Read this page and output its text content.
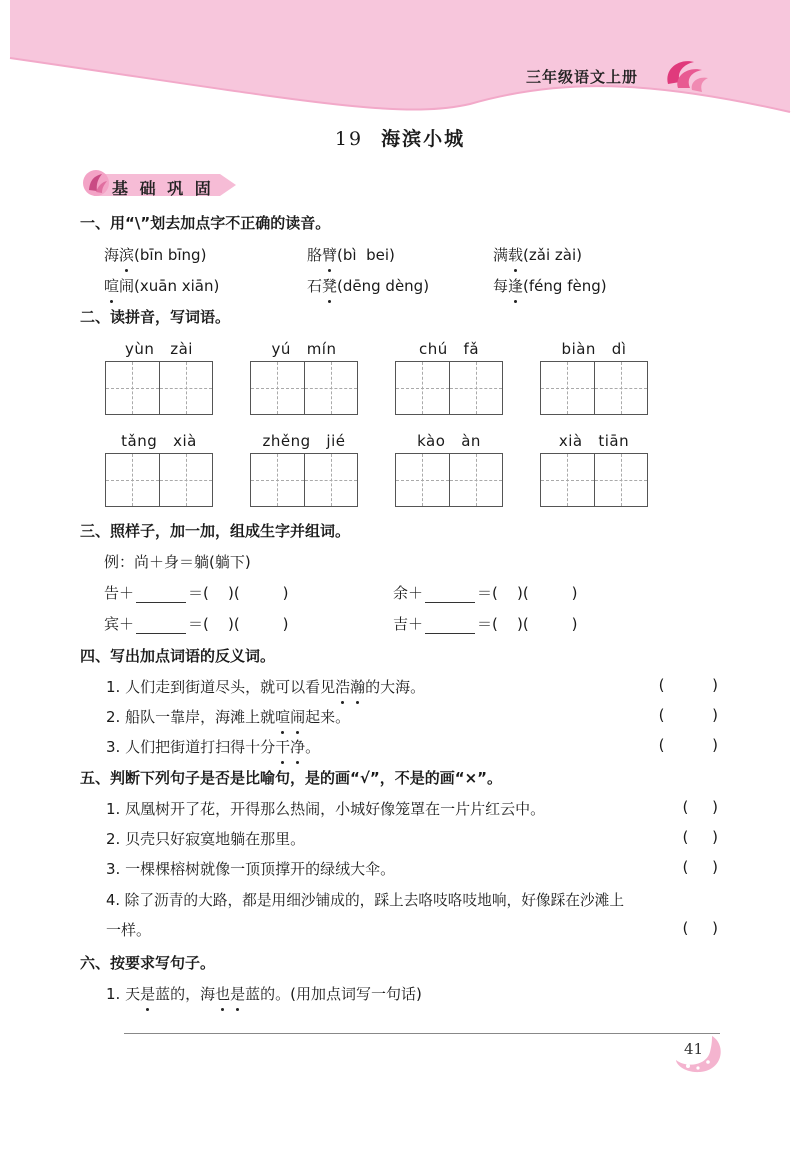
三年级语文上册
19 海滨小城
基 础 巩 固
一、用“\”划去加点字不正确的读音。
海滨(bīn bīng)	胳臂(bì  bei)	满载(zǎi zài)
喧闹(xuān xiān)	石凳(dēng dèng)	每逢(féng fèng)
二、读拼音，写词语。
yùn   zài	yú   mín	chú   fǎ	biàn   dì
tǎng   xià	zhěng   jié	kào   àn	xià   tiān
三、照样子，加一加，组成生字并组词。
例：尚＋身＝躺(躺下)
告＋	＝(    )(         )	余＋	＝(    )(         )
宾＋	＝(    )(         )	吉＋	＝(    )(         )
四、写出加点词语的反义词。
1. 人们走到街道尽头，就可以看见浩瀚的大海。	(          )
2. 船队一靠岸，海滩上就喧闹起来。	(          )
3. 人们把街道打扫得十分干净。	(          )
五、判断下列句子是否是比喻句，是的画“√”，不是的画“×”。
1. 凤凰树开了花，开得那么热闹，小城好像笼罩在一片片红云中。	(     )
2. 贝壳只好寂寞地躺在那里。	(     )
3. 一棵棵榕树就像一顶顶撑开的绿绒大伞。	(     )
4. 除了沥青的大路，都是用细沙铺成的，踩上去咯吱咯吱地响，好像踩在沙滩上
一样。	(     )
六、按要求写句子。
1. 天是蓝的，海也是蓝的。(用加点词写一句话)
41
